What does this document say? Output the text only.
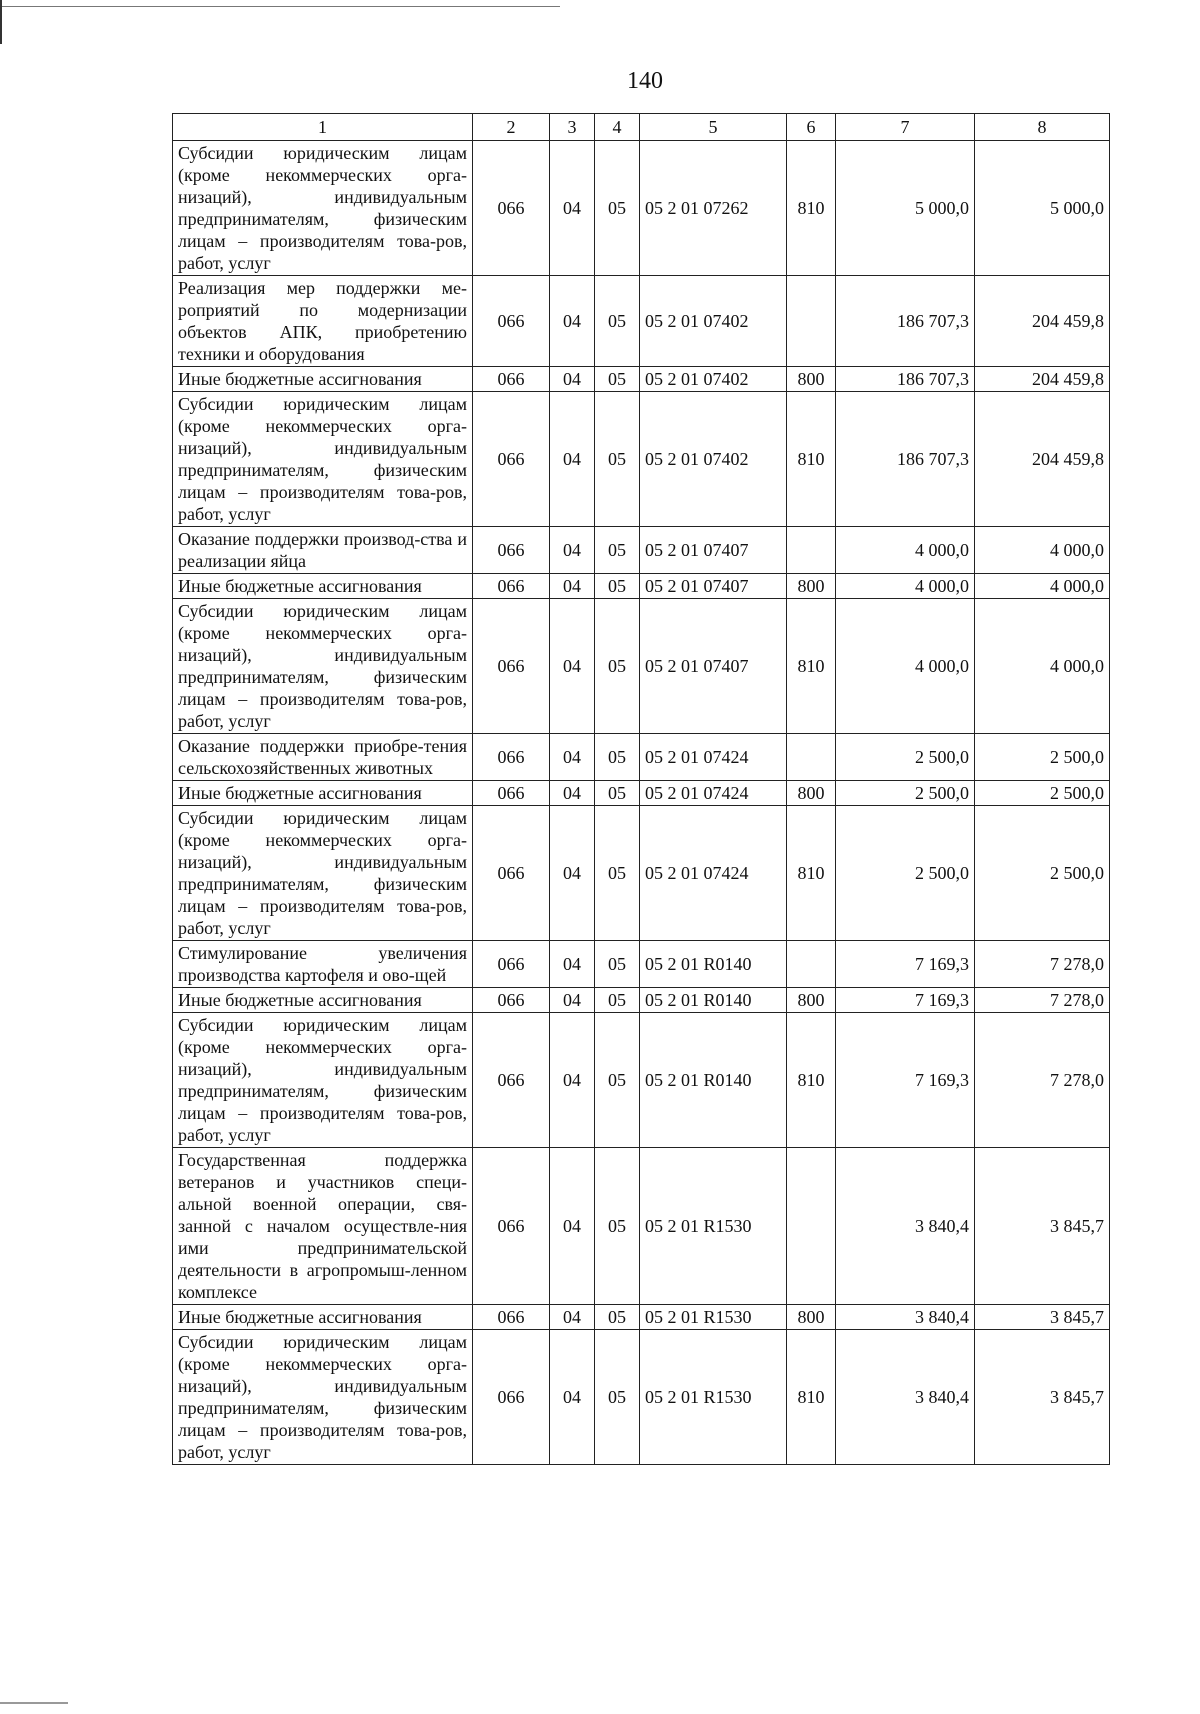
140
1	2	3	4	5	6	7	8
Субсидии юридическим лицам (кроме некоммерческих орга-низаций), индивидуальным предпринимателям, физическим лицам – производителям това-ров, работ, услуг	066	04	05	05 2 01 07262	810	5 000,0	5 000,0
Реализация мер поддержки ме-роприятий по модернизации объектов АПК, приобретению техники и оборудования	066	04	05	05 2 01 07402		186 707,3	204 459,8
Иные бюджетные ассигнования	066	04	05	05 2 01 07402	800	186 707,3	204 459,8
Субсидии юридическим лицам (кроме некоммерческих орга-низаций), индивидуальным предпринимателям, физическим лицам – производителям това-ров, работ, услуг	066	04	05	05 2 01 07402	810	186 707,3	204 459,8
Оказание поддержки производ-ства и реализации яйца	066	04	05	05 2 01 07407		4 000,0	4 000,0
Иные бюджетные ассигнования	066	04	05	05 2 01 07407	800	4 000,0	4 000,0
Субсидии юридическим лицам (кроме некоммерческих орга-низаций), индивидуальным предпринимателям, физическим лицам – производителям това-ров, работ, услуг	066	04	05	05 2 01 07407	810	4 000,0	4 000,0
Оказание поддержки приобре-тения сельскохозяйственных животных	066	04	05	05 2 01 07424		2 500,0	2 500,0
Иные бюджетные ассигнования	066	04	05	05 2 01 07424	800	2 500,0	2 500,0
Субсидии юридическим лицам (кроме некоммерческих орга-низаций), индивидуальным предпринимателям, физическим лицам – производителям това-ров, работ, услуг	066	04	05	05 2 01 07424	810	2 500,0	2 500,0
Стимулирование увеличения производства картофеля и ово-щей	066	04	05	05 2 01 R0140		7 169,3	7 278,0
Иные бюджетные ассигнования	066	04	05	05 2 01 R0140	800	7 169,3	7 278,0
Субсидии юридическим лицам (кроме некоммерческих орга-низаций), индивидуальным предпринимателям, физическим лицам – производителям това-ров, работ, услуг	066	04	05	05 2 01 R0140	810	7 169,3	7 278,0
Государственная поддержка ветеранов и участников специ-альной военной операции, свя-занной с началом осуществле-ния ими предпринимательской деятельности в агропромыш-ленном комплексе	066	04	05	05 2 01 R1530		3 840,4	3 845,7
Иные бюджетные ассигнования	066	04	05	05 2 01 R1530	800	3 840,4	3 845,7
Субсидии юридическим лицам (кроме некоммерческих орга-низаций), индивидуальным предпринимателям, физическим лицам – производителям това-ров, работ, услуг	066	04	05	05 2 01 R1530	810	3 840,4	3 845,7
